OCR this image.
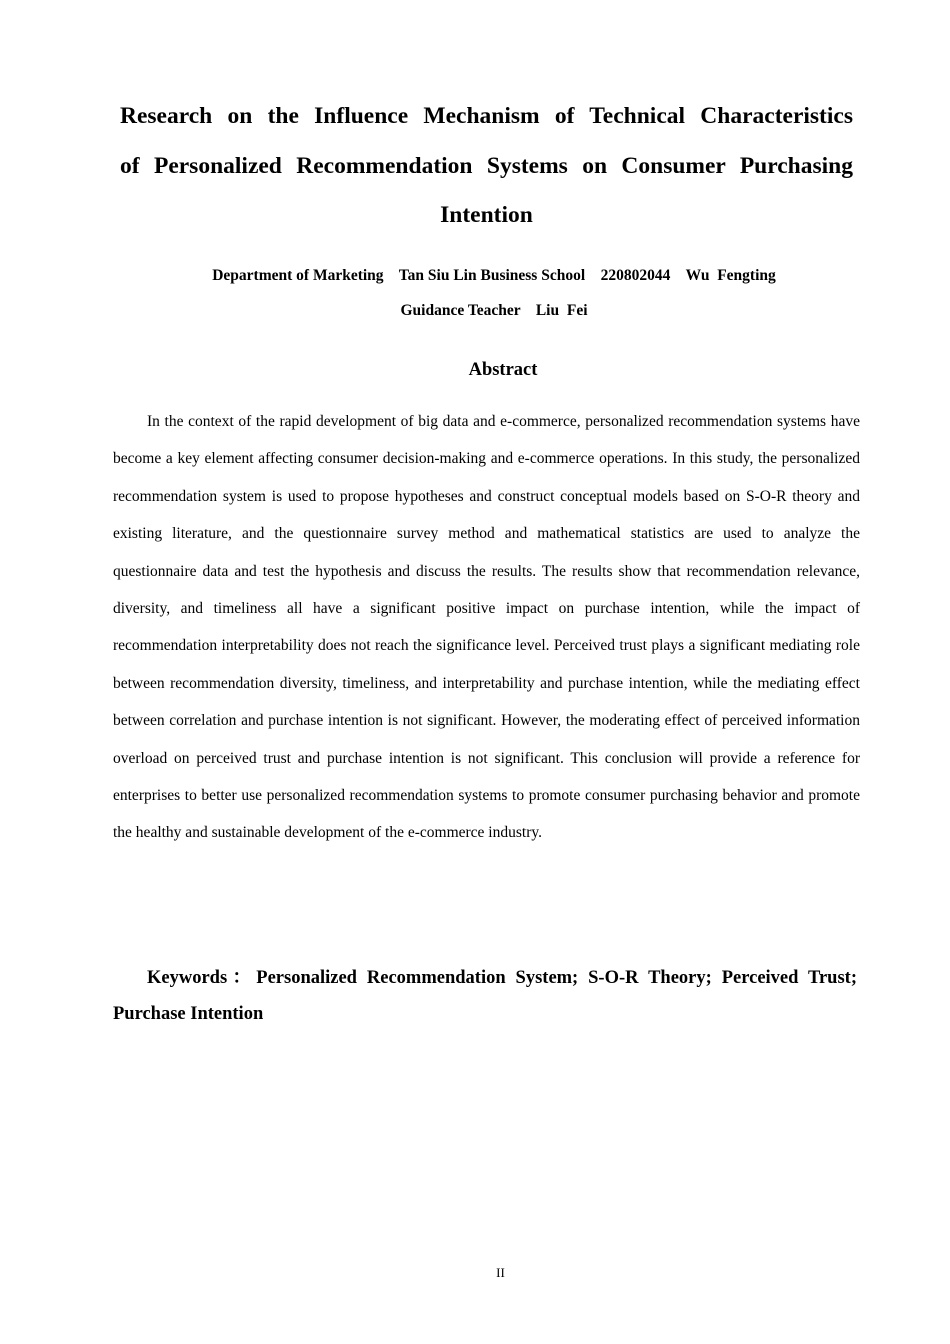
Research on the Influence Mechanism of Technical Characteristics
of Personalized Recommendation Systems on Consumer Purchasing
Intention

Department of Marketing    Tan Siu Lin Business School    220802044    Wu  Fengting

Guidance Teacher    Liu  Fei

Abstract

In the context of the rapid development of big data and e-commerce, personalized recommendation systems have become a key element affecting consumer decision-making and e-commerce operations. In this study, the personalized recommendation system is used to propose hypotheses and construct conceptual models based on S-O-R theory and existing literature, and the questionnaire survey method and mathematical statistics are used to analyze the questionnaire data and test the hypothesis and discuss the results. The results show that recommendation relevance, diversity, and timeliness all have a significant positive impact on purchase intention, while the impact of recommendation interpretability does not reach the significance level. Perceived trust plays a significant mediating role between recommendation diversity, timeliness, and interpretability and purchase intention, while the mediating effect between correlation and purchase intention is not significant. However, the moderating effect of perceived information overload on perceived trust and purchase intention is not significant. This conclusion will provide a reference for enterprises to better use personalized recommendation systems to promote consumer purchasing behavior and promote the healthy and sustainable development of the e-commerce industry.

Keywords：Personalized Recommendation System; S-O-R Theory; Perceived Trust; Purchase Intention

II
